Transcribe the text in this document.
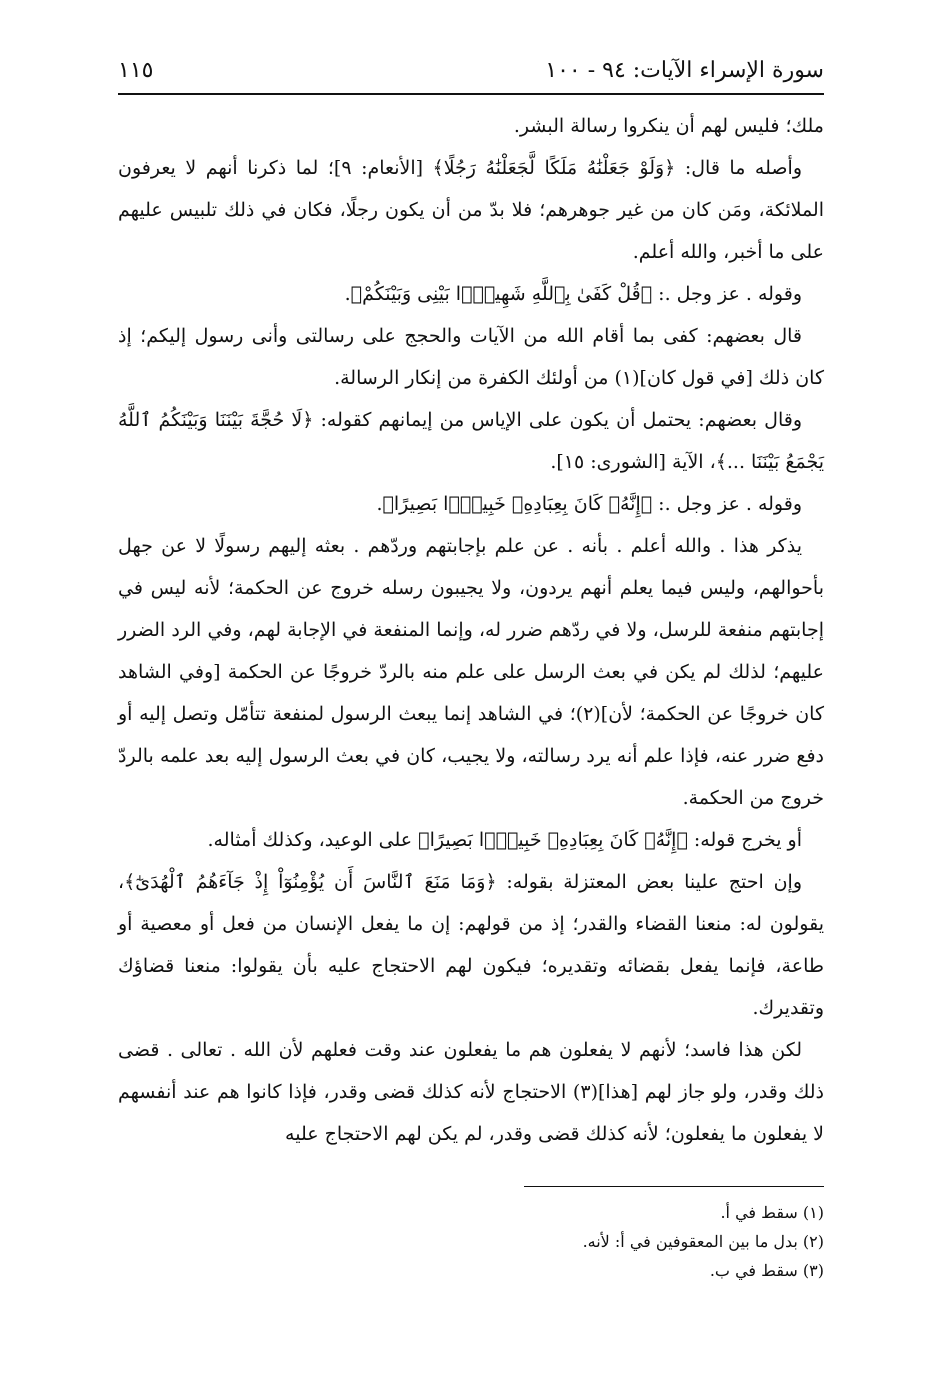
سورة الإسراء الآيات: ٩٤ - ١٠٠
١١٥

ملك؛ فليس لهم أن ينكروا رسالة البشر.

وأصله ما قال: ﴿وَلَوْ جَعَلْنَٰهُ مَلَكًا لَّجَعَلْنَٰهُ رَجُلًا﴾ [الأنعام: ٩]؛ لما ذكرنا أنهم لا يعرفون الملائكة، ومَن كان من غير جوهرهم؛ فلا بدّ من أن يكون رجلًا، فكان في ذلك تلبيس عليهم على ما أخبر، والله أعلم.

وقوله . عز وجل .: ﴿قُلْ كَفَىٰ بِٱللَّهِ شَهِيدًۢا بَيْنِى وَبَيْنَكُمْ﴾.

قال بعضهم: كفى بما أقام الله من الآيات والحجج على رسالتى وأنى رسول إليكم؛ إذ كان ذلك [في قول كان](١) من أولئك الكفرة من إنكار الرسالة.

وقال بعضهم: يحتمل أن يكون على الإياس من إيمانهم كقوله: ﴿لَا حُجَّةَ بَيْنَنَا وَبَيْنَكُمُ ٱللَّهُ يَجْمَعُ بَيْنَنَا ...﴾، الآية [الشورى: ١٥].

وقوله . عز وجل .: ﴿إِنَّهُۥ كَانَ بِعِبَادِهِۦ خَبِيرًۢا بَصِيرًا﴾.

يذكر هذا . والله أعلم . بأنه . عن علم بإجابتهم وردّهم . بعثه إليهم رسولًا لا عن جهل بأحوالهم، وليس فيما يعلم أنهم يردون، ولا يجيبون رسله خروج عن الحكمة؛ لأنه ليس في إجابتهم منفعة للرسل، ولا في ردّهم ضرر له، وإنما المنفعة في الإجابة لهم، وفي الرد الضرر عليهم؛ لذلك لم يكن في بعث الرسل على علم منه بالردّ خروجًا عن الحكمة [وفي الشاهد كان خروجًا عن الحكمة؛ لأن](٢)؛ في الشاهد إنما يبعث الرسول لمنفعة تتأمّل وتصل إليه أو دفع ضرر عنه، فإذا علم أنه يرد رسالته، ولا يجيب، كان في بعث الرسول إليه بعد علمه بالردّ خروج من الحكمة.

أو يخرج قوله: ﴿إِنَّهُۥ كَانَ بِعِبَادِهِۦ خَبِيرًۢا بَصِيرًا﴾ على الوعيد، وكذلك أمثاله.

وإن احتج علينا بعض المعتزلة بقوله: ﴿وَمَا مَنَعَ ٱلنَّاسَ أَن يُؤْمِنُوٓاْ إِذْ جَآءَهُمُ ٱلْهُدَىٰٓ﴾، يقولون له: منعنا القضاء والقدر؛ إذ من قولهم: إن ما يفعل الإنسان من فعل أو معصية أو طاعة، فإنما يفعل بقضائه وتقديره؛ فيكون لهم الاحتجاج عليه بأن يقولوا: منعنا قضاؤك وتقديرك.

لكن هذا فاسد؛ لأنهم لا يفعلون هم ما يفعلون عند وقت فعلهم لأن الله . تعالى . قضى ذلك وقدر، ولو جاز لهم [هذا](٣) الاحتجاج لأنه كذلك قضى وقدر، فإذا كانوا هم عند أنفسهم لا يفعلون ما يفعلون؛ لأنه كذلك قضى وقدر، لم يكن لهم الاحتجاج عليه

(١) سقط في أ.
(٢) بدل ما بين المعقوفين في أ: لأنه.
(٣) سقط في ب.
